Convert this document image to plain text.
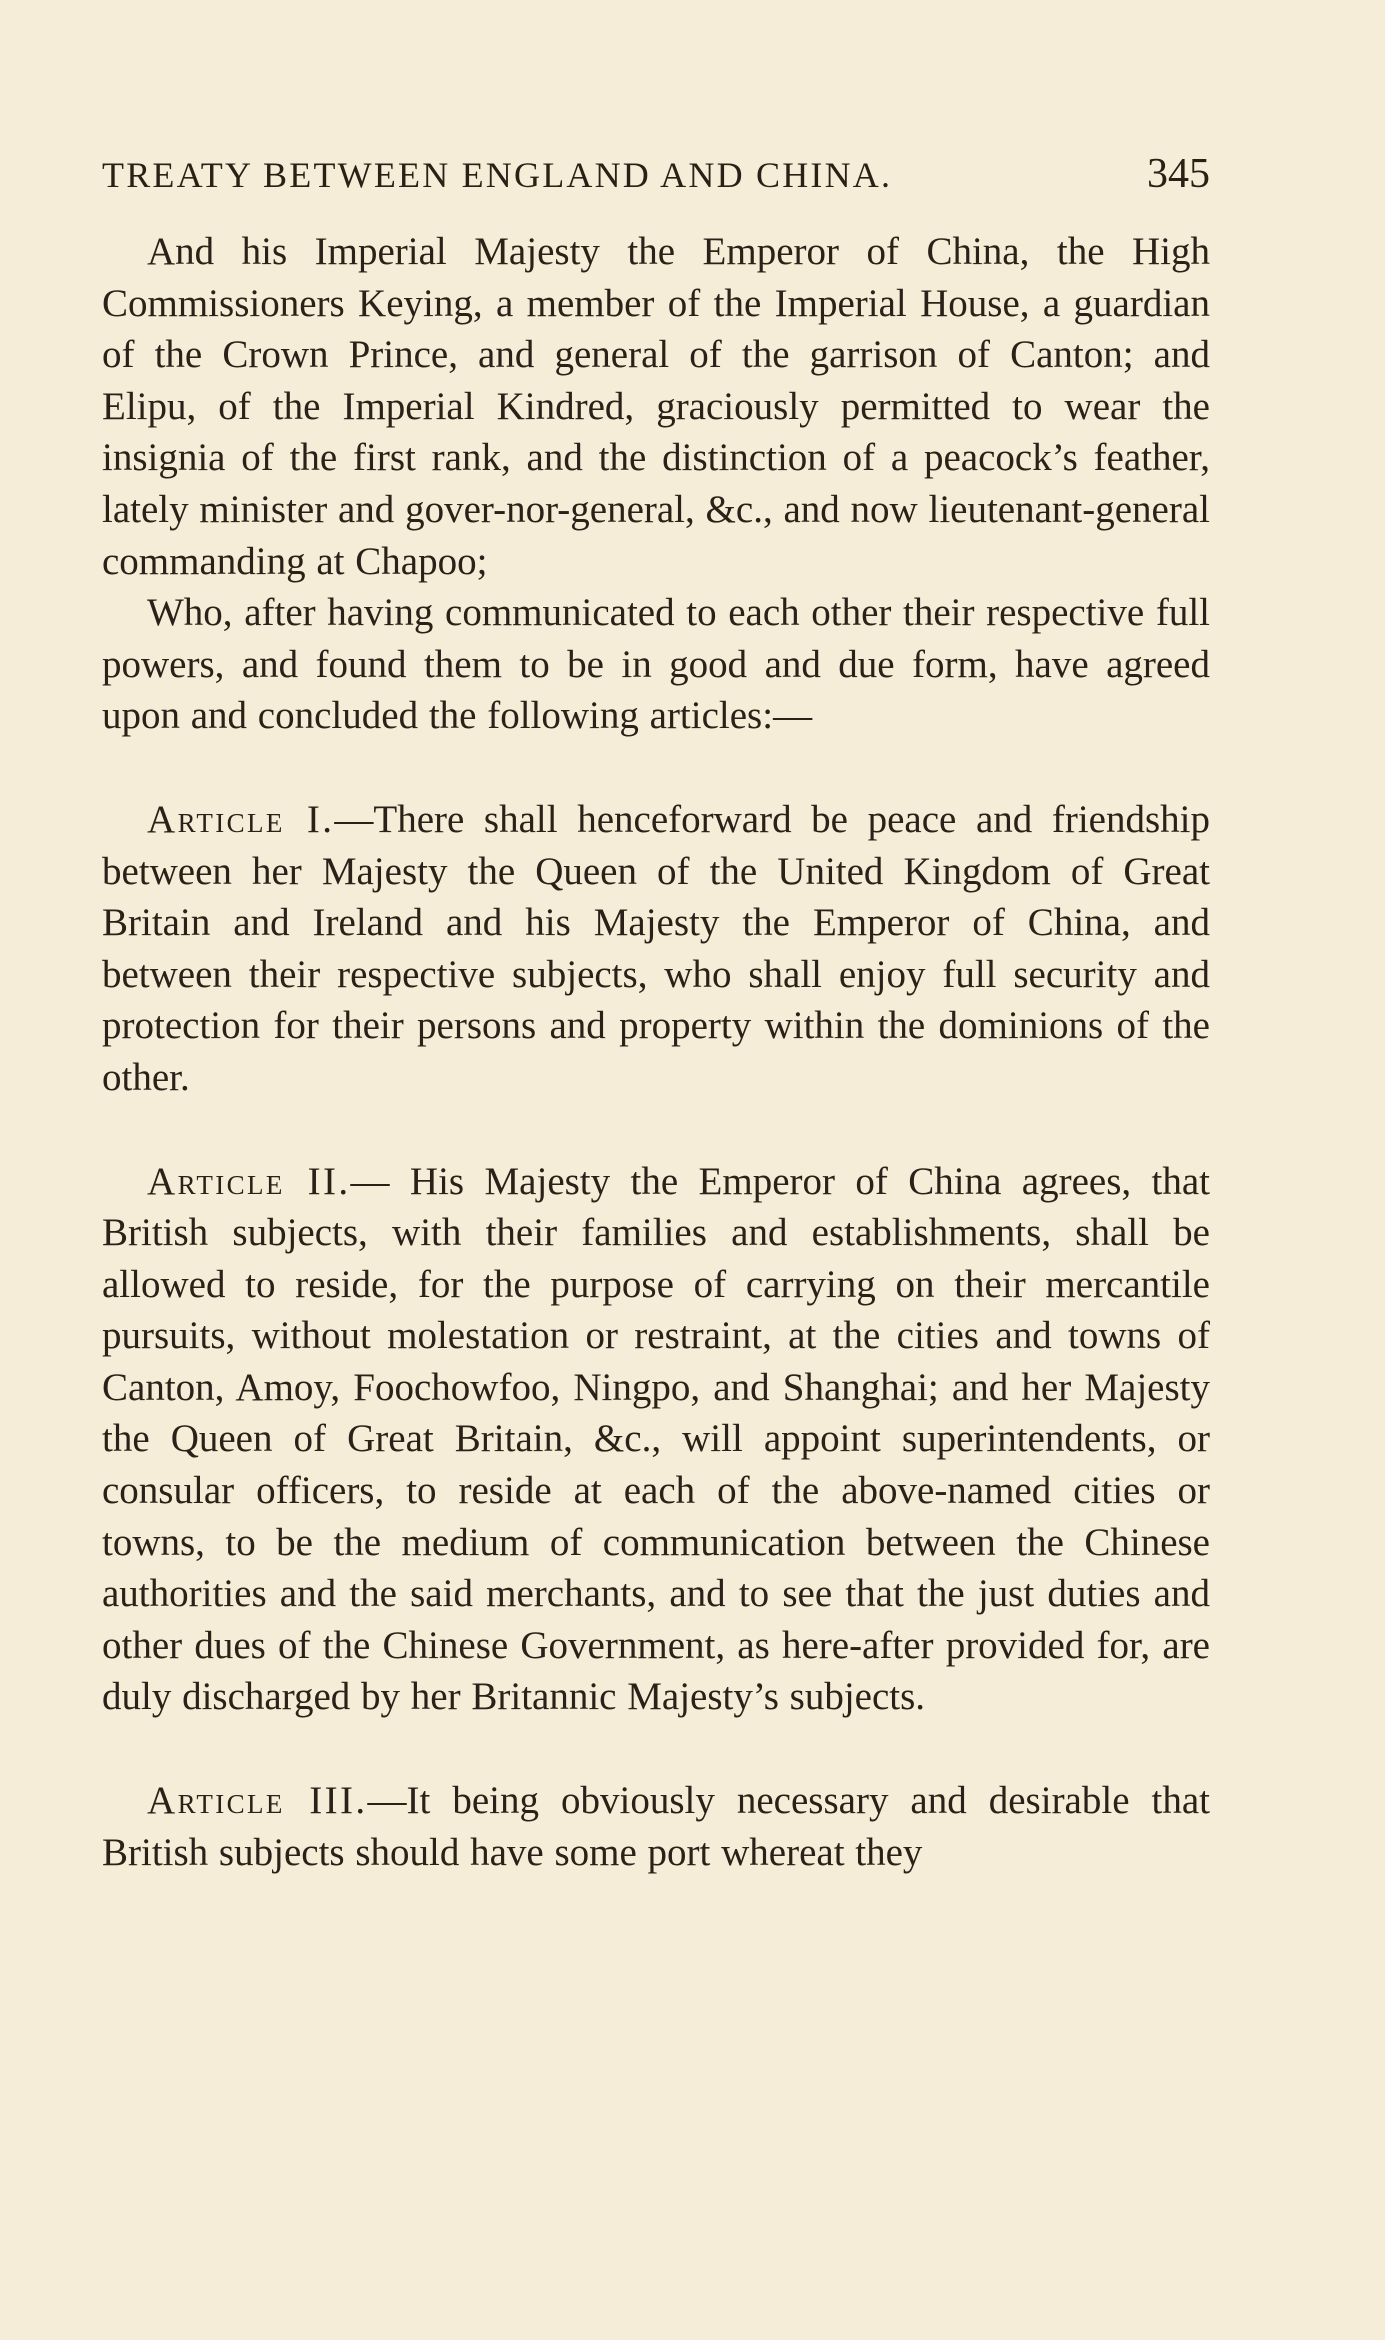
TREATY BETWEEN ENGLAND AND CHINA.	345

And his Imperial Majesty the Emperor of China, the High Commissioners Keying, a member of the Imperial House, a guardian of the Crown Prince, and general of the garrison of Canton; and Elipu, of the Imperial Kindred, graciously permitted to wear the insignia of the first rank, and the distinction of a peacock’s feather, lately minister and gover-nor-general, &c., and now lieutenant-general commanding at Chapoo;

Who, after having communicated to each other their respective full powers, and found them to be in good and due form, have agreed upon and concluded the following articles:—

Article I.—There shall henceforward be peace and friendship between her Majesty the Queen of the United Kingdom of Great Britain and Ireland and his Majesty the Emperor of China, and between their respective subjects, who shall enjoy full security and protection for their persons and property within the dominions of the other.

Article II.— His Majesty the Emperor of China agrees, that British subjects, with their families and establishments, shall be allowed to reside, for the purpose of carrying on their mercantile pursuits, without molestation or restraint, at the cities and towns of Canton, Amoy, Foochowfoo, Ningpo, and Shanghai; and her Majesty the Queen of Great Britain, &c., will appoint superintendents, or consular officers, to reside at each of the above-named cities or towns, to be the medium of communication between the Chinese authorities and the said merchants, and to see that the just duties and other dues of the Chinese Government, as here-after provided for, are duly discharged by her Britannic Majesty’s subjects.

Article III.—It being obviously necessary and desirable that British subjects should have some port whereat they
